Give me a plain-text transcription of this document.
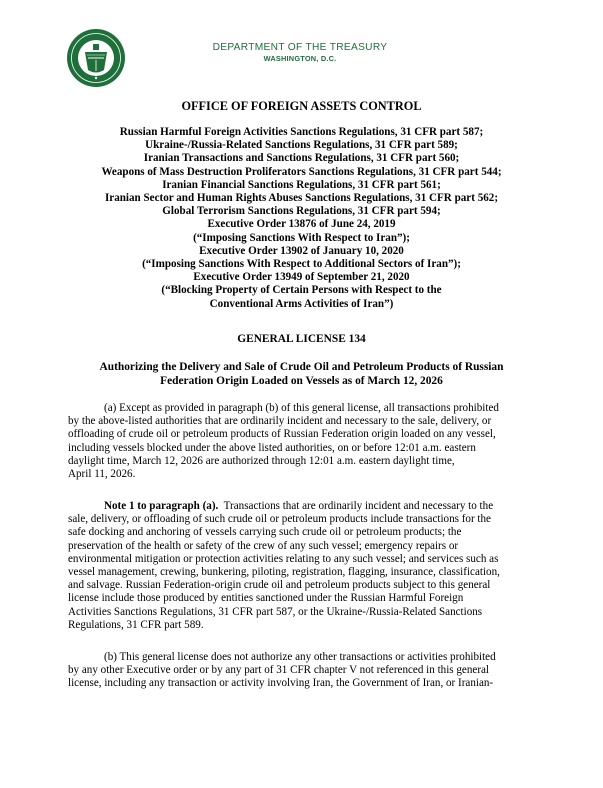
DEPARTMENT OF THE TREASURY
WASHINGTON, D.C.
OFFICE OF FOREIGN ASSETS CONTROL
Russian Harmful Foreign Activities Sanctions Regulations, 31 CFR part 587;
Ukraine-/Russia-Related Sanctions Regulations, 31 CFR part 589;
Iranian Transactions and Sanctions Regulations, 31 CFR part 560;
Weapons of Mass Destruction Proliferators Sanctions Regulations, 31 CFR part 544;
Iranian Financial Sanctions Regulations, 31 CFR part 561;
Iranian Sector and Human Rights Abuses Sanctions Regulations, 31 CFR part 562;
Global Terrorism Sanctions Regulations, 31 CFR part 594;
Executive Order 13876 of June 24, 2019
(“Imposing Sanctions With Respect to Iran”);
Executive Order 13902 of January 10, 2020
(“Imposing Sanctions With Respect to Additional Sectors of Iran”);
Executive Order 13949 of September 21, 2020
(“Blocking Property of Certain Persons with Respect to the
Conventional Arms Activities of Iran”)
GENERAL LICENSE 134
Authorizing the Delivery and Sale of Crude Oil and Petroleum Products of Russian
Federation Origin Loaded on Vessels as of March 12, 2026
(a) Except as provided in paragraph (b) of this general license, all transactions prohibited
by the above-listed authorities that are ordinarily incident and necessary to the sale, delivery, or
offloading of crude oil or petroleum products of Russian Federation origin loaded on any vessel,
including vessels blocked under the above listed authorities, on or before 12:01 a.m. eastern
daylight time, March 12, 2026 are authorized through 12:01 a.m. eastern daylight time,
April 11, 2026.
Note 1 to paragraph (a).  Transactions that are ordinarily incident and necessary to the
sale, delivery, or offloading of such crude oil or petroleum products include transactions for the
safe docking and anchoring of vessels carrying such crude oil or petroleum products; the
preservation of the health or safety of the crew of any such vessel; emergency repairs or
environmental mitigation or protection activities relating to any such vessel; and services such as
vessel management, crewing, bunkering, piloting, registration, flagging, insurance, classification,
and salvage. Russian Federation-origin crude oil and petroleum products subject to this general
license include those produced by entities sanctioned under the Russian Harmful Foreign
Activities Sanctions Regulations, 31 CFR part 587, or the Ukraine-/Russia-Related Sanctions
Regulations, 31 CFR part 589.
(b) This general license does not authorize any other transactions or activities prohibited
by any other Executive order or by any part of 31 CFR chapter V not referenced in this general
license, including any transaction or activity involving Iran, the Government of Iran, or Iranian-
